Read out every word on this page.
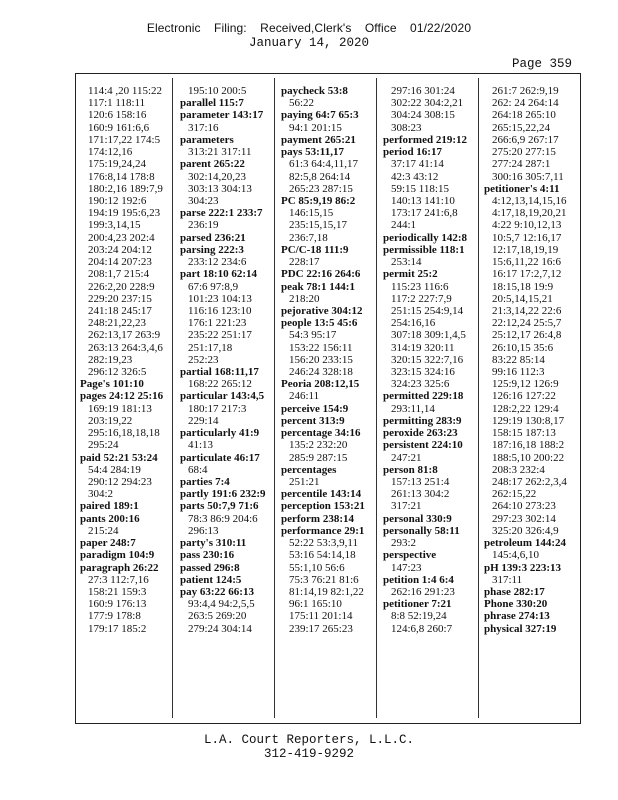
Electronic Filing: Received,Clerk's Office 01/22/2020
January 14, 2020
Page 359
114:4 ,20 115:22
117:1 118:11
120:6 158:16
160:9 161:6,6
171:17,22 174:5
174:12,16
175:19,24,24
176:8,14 178:8
180:2,16 189:7,9
190:12 192:6
194:19 195:6,23
199:3,14,15
200:4,23 202:4
203:24 204:12
204:14 207:23
208:1,7 215:4
226:2,20 228:9
229:20 237:15
241:18 245:17
248:21,22,23
262:13,17 263:9
263:13 264:3,4,6
282:19,23
296:12 326:5
Page's 101:10
pages 24:12 25:16
169:19 181:13
203:19,22
295:16,18,18,18
295:24
paid 52:21 53:24
54:4 284:19
290:12 294:23
304:2
paired 189:1
pants 200:16
215:24
paper 248:7
paradigm 104:9
paragraph 26:22
27:3 112:7,16
158:21 159:3
160:9 176:13
177:9 178:8
179:17 185:2
195:10 200:5
parallel 115:7
parameter 143:17
317:16
parameters
313:21 317:11
parent 265:22
302:14,20,23
303:13 304:13
304:23
parse 222:1 233:7
236:19
parsed 236:21
parsing 222:3
233:12 234:6
part 18:10 62:14
67:6 97:8,9
101:23 104:13
116:16 123:10
176:1 221:23
235:22 251:17
251:17,18
252:23
partial 168:11,17
168:22 265:12
particular 143:4,5
180:17 217:3
229:14
particularly 41:9
41:13
particulate 46:17
68:4
parties 7:4
partly 191:6 232:9
parts 50:7,9 71:6
78:3 86:9 204:6
296:13
party's 310:11
pass 230:16
passed 296:8
patient 124:5
pay 63:22 66:13
93:4,4 94:2,5,5
263:5 269:20
279:24 304:14
paycheck 53:8
56:22
paying 64:7 65:3
94:1 201:15
payment 265:21
pays 53:11,17
61:3 64:4,11,17
82:5,8 264:14
265:23 287:15
PC 85:9,19 86:2
146:15,15
235:15,15,17
236:7,18
PC/C-18 111:9
228:17
PDC 22:16 264:6
peak 78:1 144:1
218:20
pejorative 304:12
people 13:5 45:6
54:3 95:17
153:22 156:11
156:20 233:15
246:24 328:18
Peoria 208:12,15
246:11
perceive 154:9
percent 313:9
percentage 34:16
135:2 232:20
285:9 287:15
percentages
251:21
percentile 143:14
perception 153:21
perform 238:14
performance 29:1
52:22 53:3,9,11
53:16 54:14,18
55:1,10 56:6
75:3 76:21 81:6
81:14,19 82:1,22
96:1 165:10
175:11 201:14
239:17 265:23
297:16 301:24
302:22 304:2,21
304:24 308:15
308:23
performed 219:12
period 16:17
37:17 41:14
42:3 43:12
59:15 118:15
140:13 141:10
173:17 241:6,8
244:1
periodically 142:8
permissible 118:1
253:14
permit 25:2
115:23 116:6
117:2 227:7,9
251:15 254:9,14
254:16,16
307:18 309:1,4,5
314:19 320:11
320:15 322:7,16
323:15 324:16
324:23 325:6
permitted 229:18
293:11,14
permitting 283:9
peroxide 263:23
persistent 224:10
247:21
person 81:8
157:13 251:4
261:13 304:2
317:21
personal 330:9
personally 58:11
293:2
perspective
147:23
petition 1:4 6:4
262:16 291:23
petitioner 7:21
8:8 52:19,24
124:6,8 260:7
261:7 262:9,19
262: 24 264:14
264:18 265:10
265:15,22,24
266:6,9 267:17
275:20 277:15
277:24 287:1
300:16 305:7,11
petitioner's 4:11
4:12,13,14,15,16
4:17,18,19,20,21
4:22 9:10,12,13
10:5,7 12:16,17
12:17,18,19,19
15:6,11,22 16:6
16:17 17:2,7,12
18:15,18 19:9
20:5,14,15,21
21:3,14,22 22:6
22:12,24 25:5,7
25:12,17 26:4,8
26:10,15 35:6
83:22 85:14
99:16 112:3
125:9,12 126:9
126:16 127:22
128:2,22 129:4
129:19 130:8,17
158:15 187:13
187:16,18 188:2
188:5,10 200:22
208:3 232:4
248:17 262:2,3,4
262:15,22
264:10 273:23
297:23 302:14
325:20 326:4,9
petroleum 144:24
145:4,6,10
pH 139:3 223:13
317:11
phase 282:17
Phone 330:20
phrase 274:13
physical 327:19
L.A. Court Reporters, L.L.C.
312-419-9292
